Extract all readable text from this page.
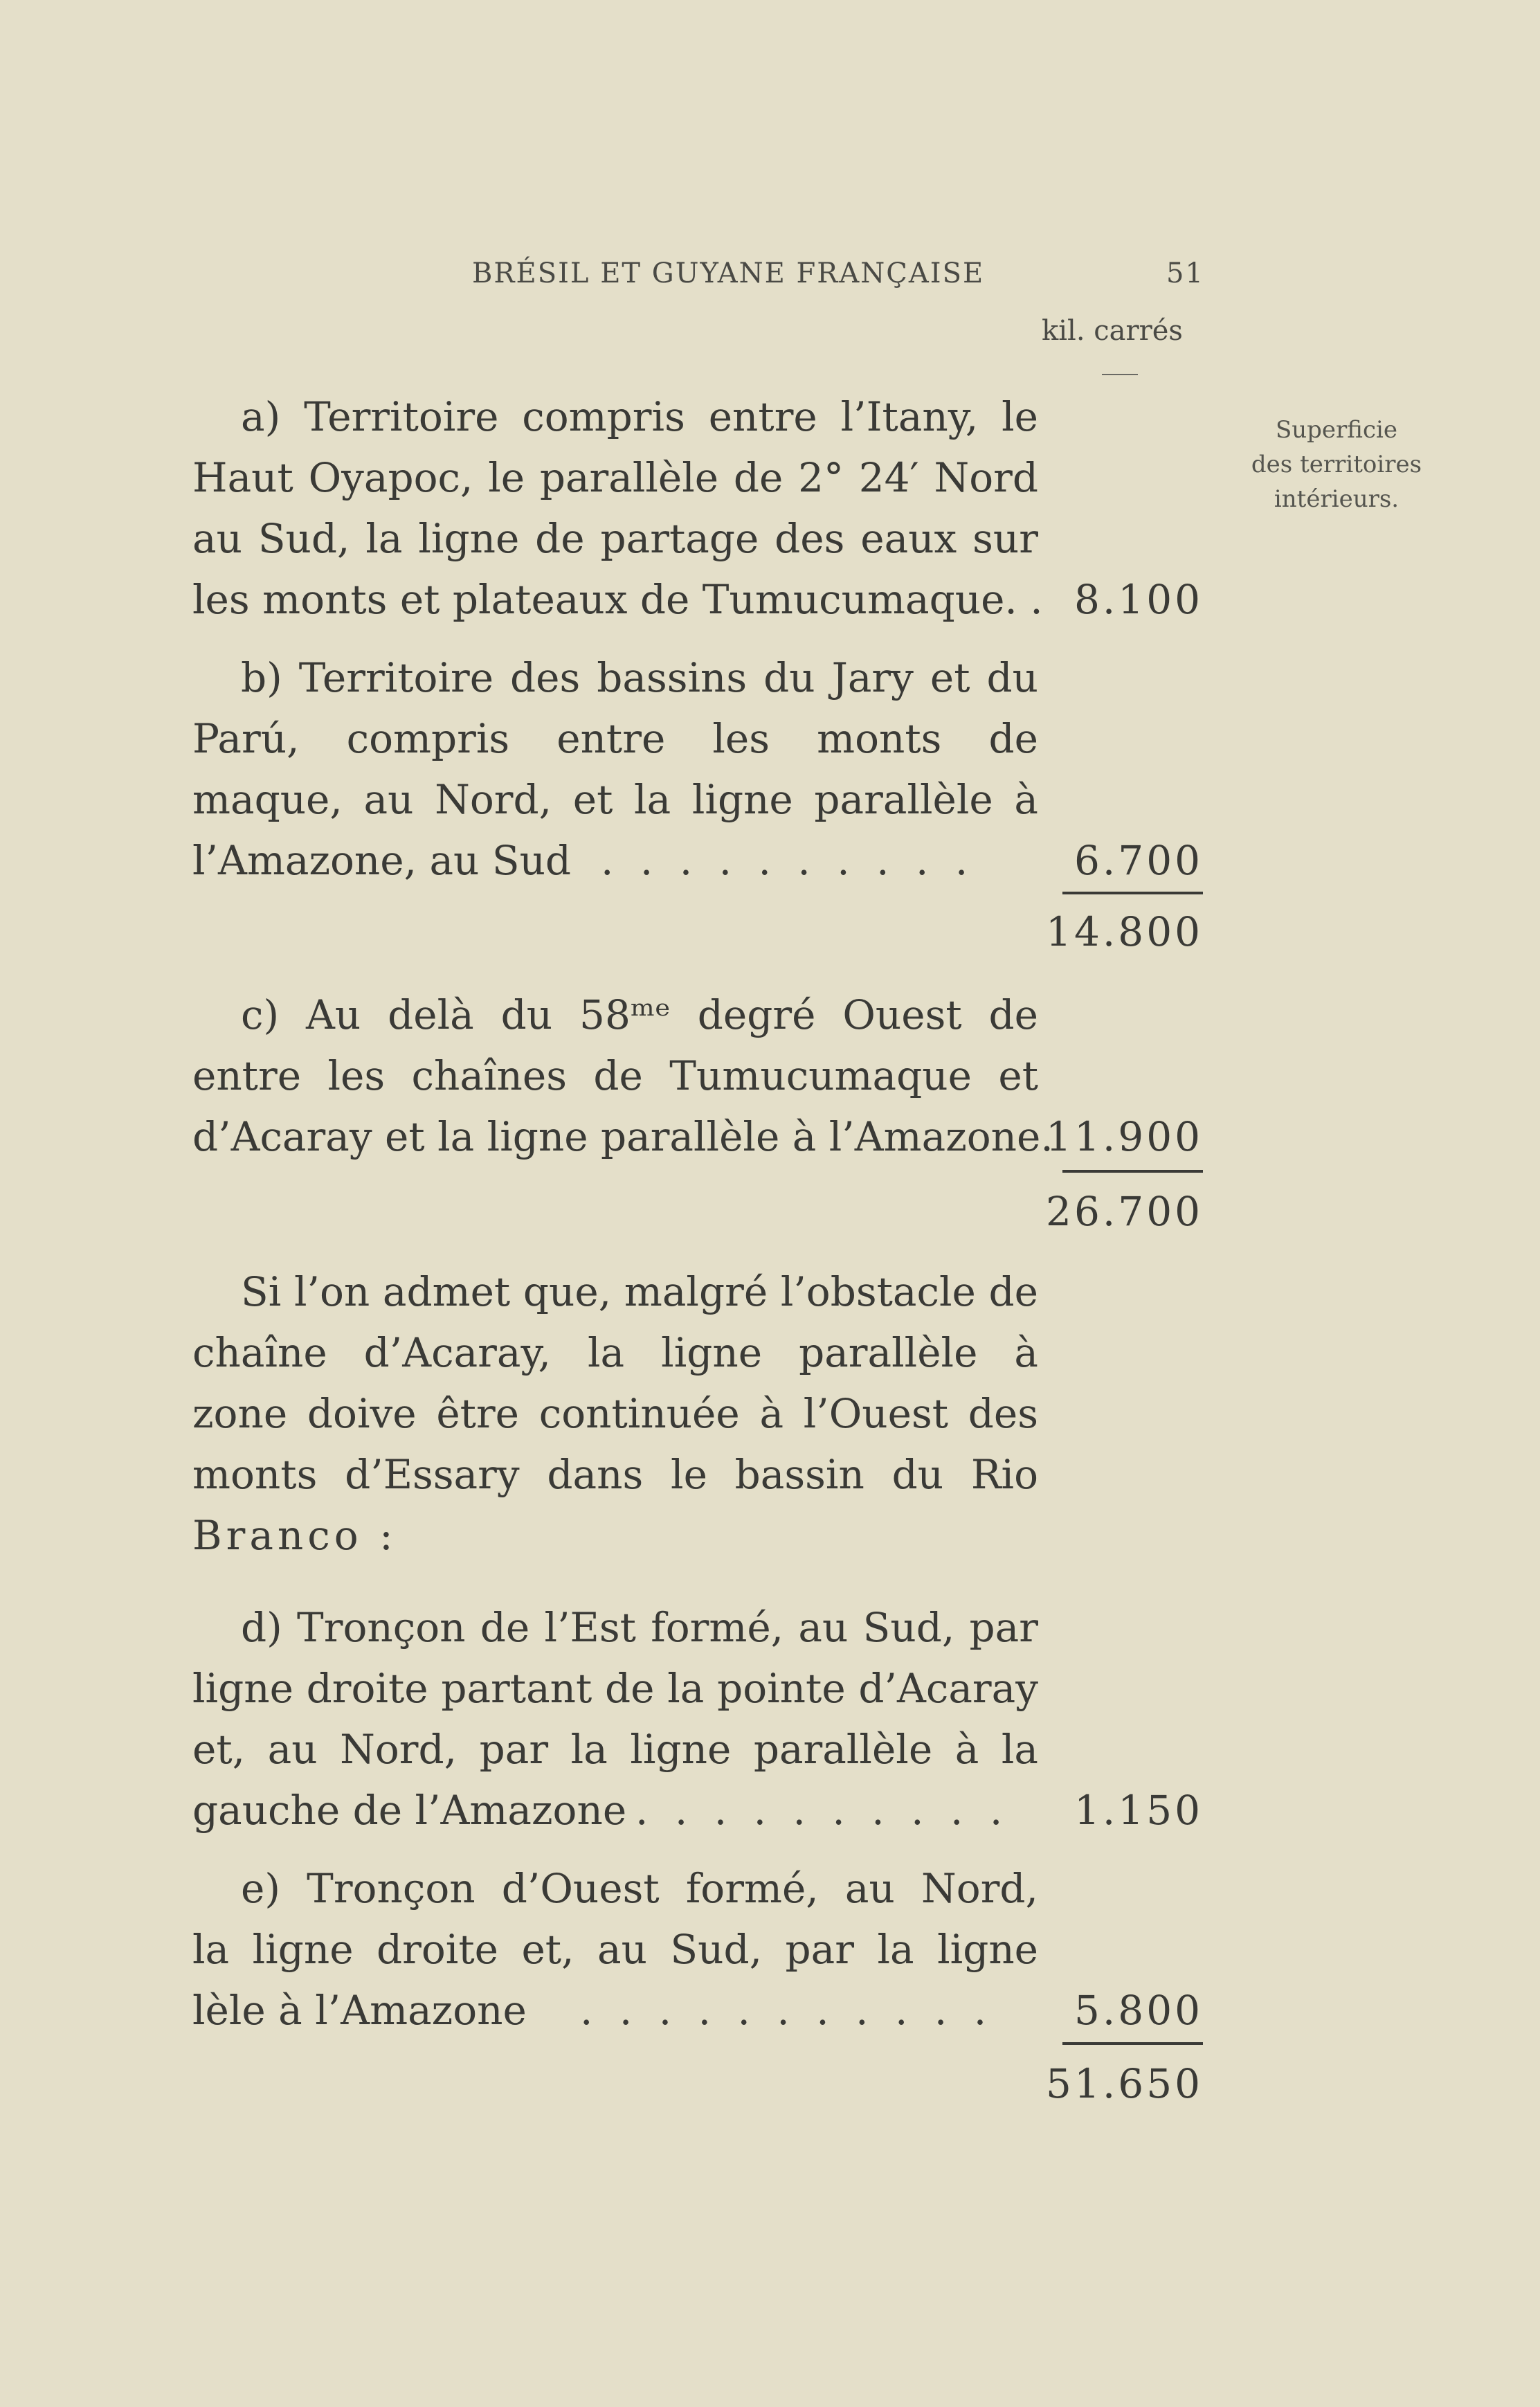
BRÉSIL ET GUYANE FRANÇAISE	51
kil. carrés
Superficie
des territoires
intérieurs.
a) Territoire compris entre l’Itany, le
Haut Oyapoc, le parallèle de 2° 24′ Nord
au Sud, la ligne de partage des eaux sur
les monts et plateaux de Tumucumaque. . 8.100
b) Territoire des bassins du Jary et du
Parú, compris entre les monts de
maque, au Nord, et la ligne parallèle à
l’Amazone, au Sud . . . . . . . . . . 6.700
14.800
c) Au delà du 58ᵐᵉ degré Ouest de
entre les chaînes de Tumucumaque et
d’Acaray et la ligne parallèle à l’Amazone.
11.900
26.700
Si l’on admet que, malgré l’obstacle de
chaîne d’Acaray, la ligne parallèle à
zone doive être continuée à l’Ouest des
monts d’Essary dans le bassin du Rio
Branco :
d) Tronçon de l’Est formé, au Sud, par
ligne droite partant de la pointe d’Acaray
et, au Nord, par la ligne parallèle à la
gauche de l’Amazone . . . . . . . . . . 1.150
e) Tronçon d’Ouest formé, au Nord,
la ligne droite et, au Sud, par la ligne
lèle à l’Amazone . . . . . . . . . . . 5.800
51.650
